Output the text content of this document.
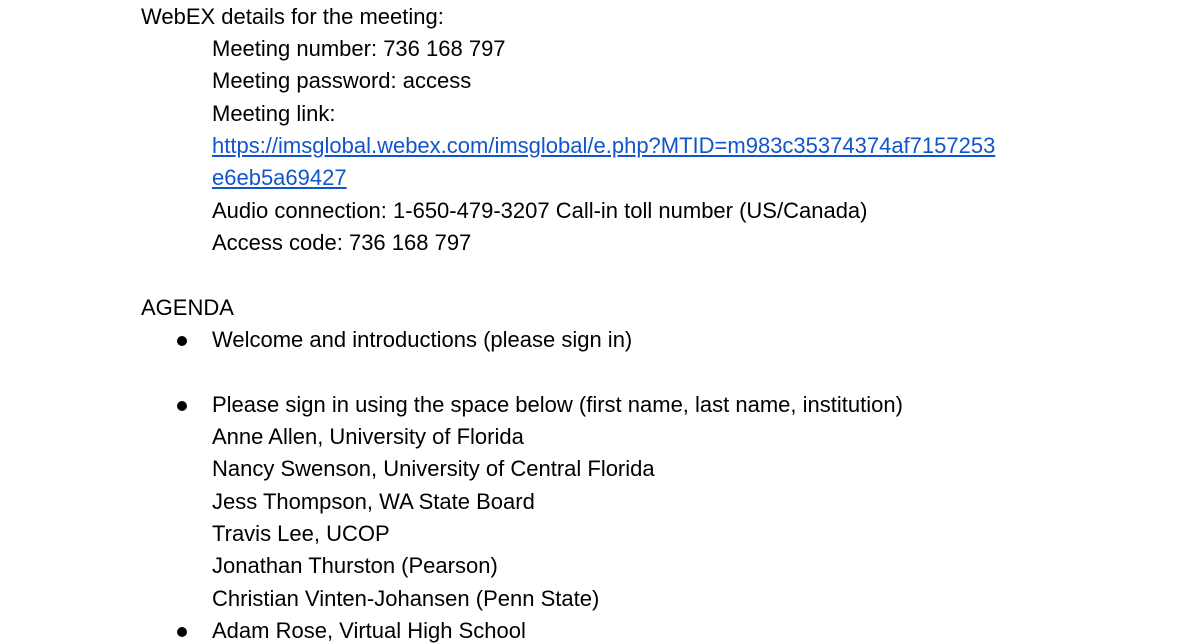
WebEX details for the meeting:
Meeting number: 736 168 797
Meeting password: access
Meeting link:
https://imsglobal.webex.com/imsglobal/e.php?MTID=m983c35374374af7157253
e6eb5a69427
Audio connection: 1-650-479-3207 Call-in toll number (US/Canada)
Access code: 736 168 797
AGENDA
Welcome and introductions (please sign in)
Please sign in using the space below (first name, last name, institution)
Anne Allen, University of Florida
Nancy Swenson, University of Central Florida
Jess Thompson, WA State Board
Travis Lee, UCOP
Jonathan Thurston (Pearson)
Christian Vinten-Johansen (Penn State)
Adam Rose, Virtual High School
